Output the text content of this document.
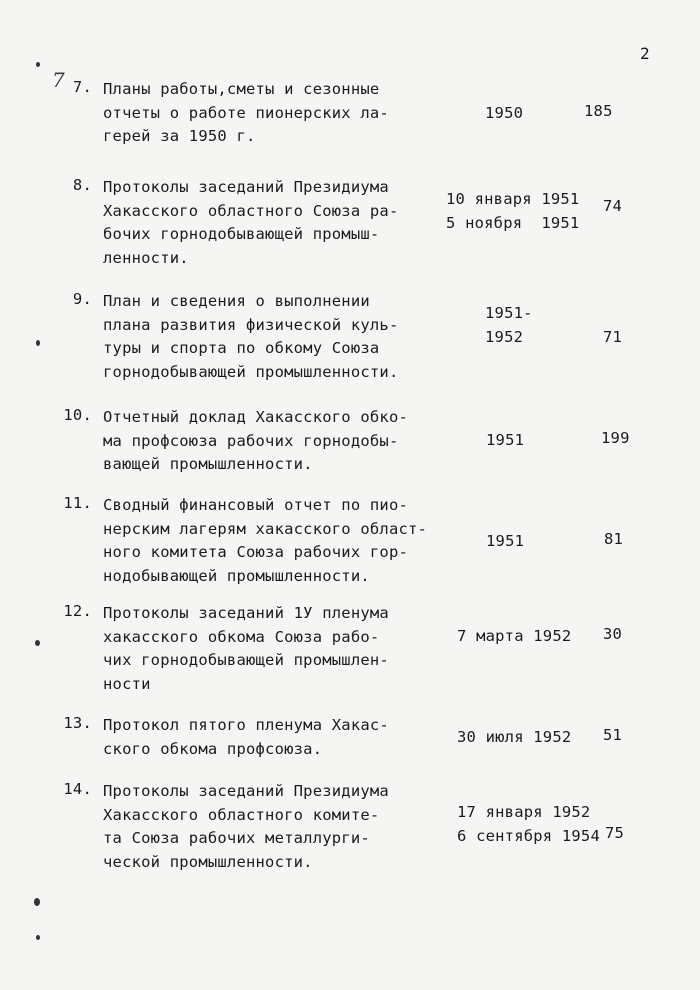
2
7 7. Планы работы,сметы и сезонные
отчеты о работе пионерских ла-
герей за 1950 г.
1950	185
8. Протоколы заседаний Президиума
Хакасского областного Союза ра-
бочих горнодобывающей промыш-
ленности.
10 января 1951
5 ноября  1951
74
9. План и сведения о выполнении
плана развития физической куль-
туры и спорта по обкому Союза
горнодобывающей промышленности.
1951-
1952	71
10. Отчетный доклад Хакасского обко-
ма профсоюза рабочих горнодобы-
вающей промышленности.
1951	199
11. Сводный финансовый отчет по пио-
нерским лагерям хакасского област-
ного комитета Союза рабочих гор-
нодобывающей промышленности.
1951	81
12. Протоколы заседаний 1У пленума
хакасского обкома Союза рабо-
чих горнодобывающей промышлен-
ности
7 марта 1952 30
13. Протокол пятого пленума Хакас-
ского обкома профсоюза.
30 июля 1952 51
14. Протоколы заседаний Президиума
Хакасского областного комите-
та Союза рабочих металлурги-
ческой промышленности.
17 января 1952
6 сентября 1954 75
